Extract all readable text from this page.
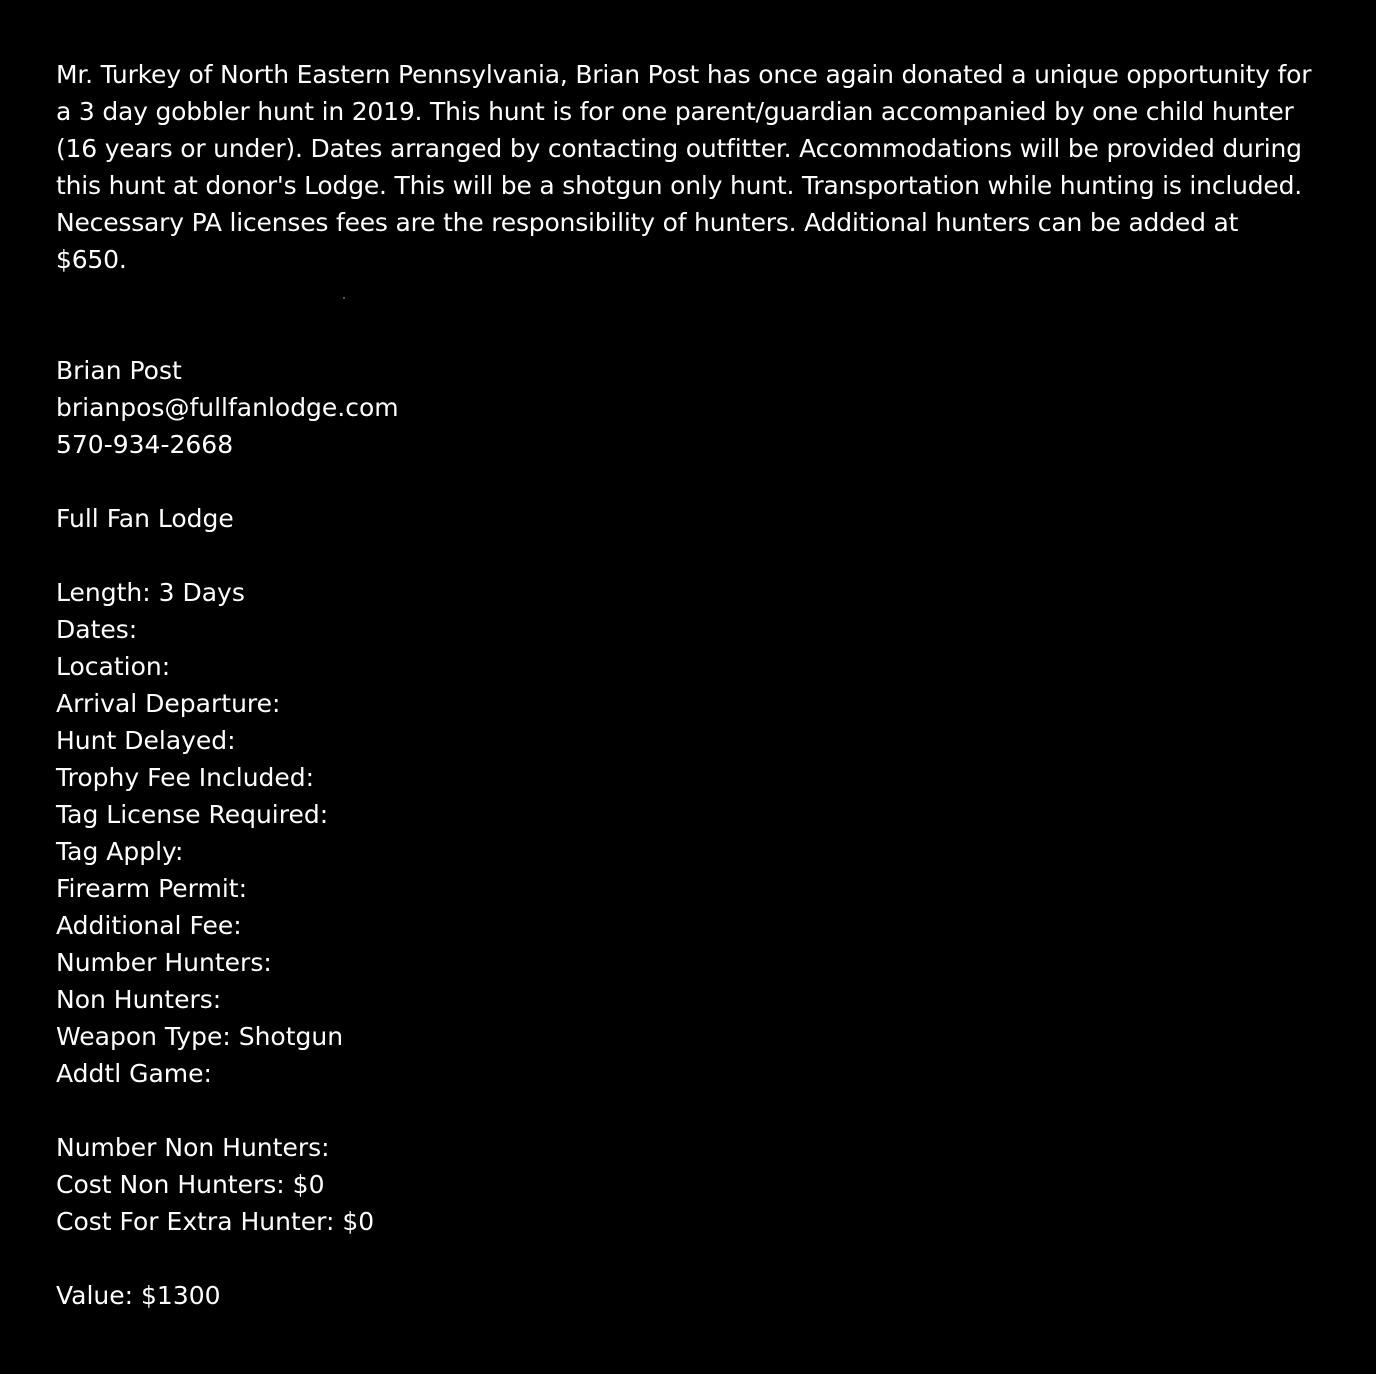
Mr. Turkey of North Eastern Pennsylvania, Brian Post has once again donated a unique opportunity for a 3 day gobbler hunt in 2019. This hunt is for one parent/guardian accompanied by one child hunter (16 years or under). Dates arranged by contacting outfitter. Accommodations will be provided during this hunt at donor's Lodge. This will be a shotgun only hunt. Transportation while hunting is included. Necessary PA licenses fees are the responsibility of hunters. Additional hunters can be added at $650.

Brian Post
brianpos@fullfanlodge.com
570-934-2668
Full Fan Lodge
Length: 3 Days
Dates:
Location:
Arrival Departure:
Hunt Delayed:
Trophy Fee Included:
Tag License Required:
Tag Apply:
Firearm Permit:
Additional Fee:
Number Hunters:
Non Hunters:
Weapon Type: Shotgun
Addtl Game:
Number Non Hunters:
Cost Non Hunters: $0
Cost For Extra Hunter: $0
Value: $1300
